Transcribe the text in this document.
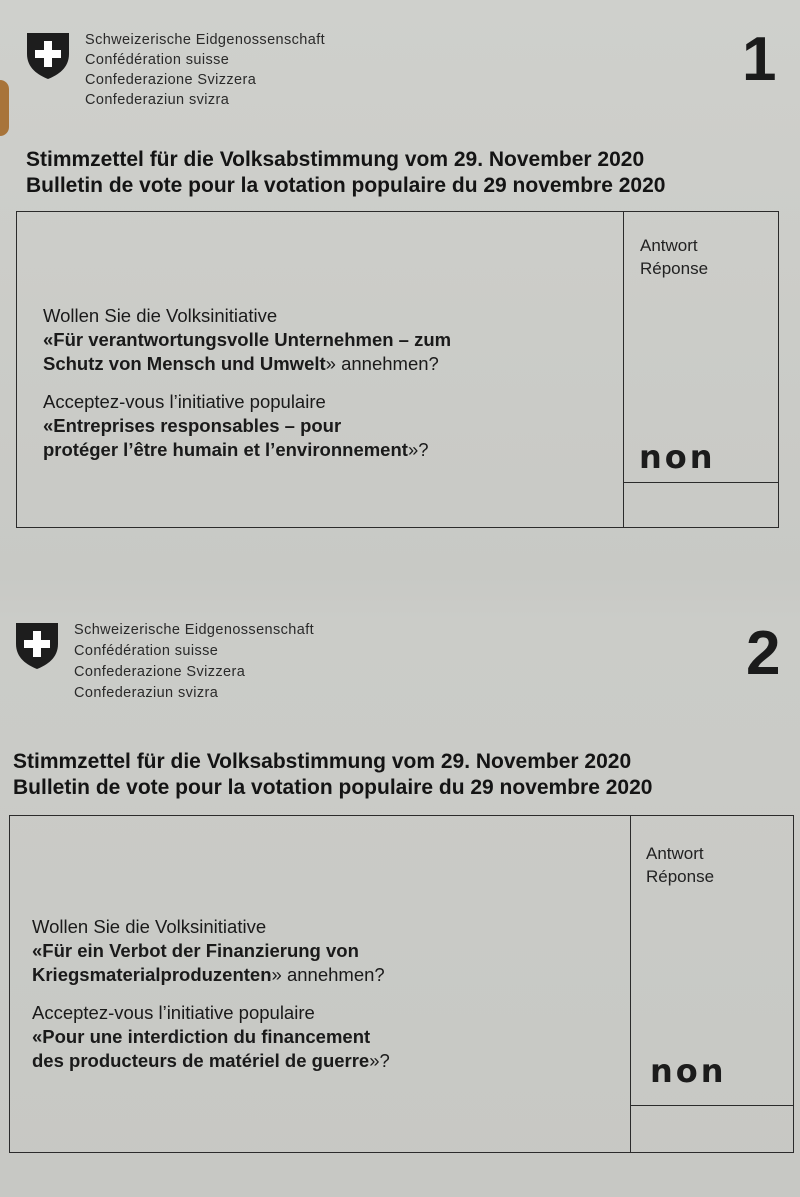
Schweizerische Eidgenossenschaft
Confédération suisse
Confederazione Svizzera
Confederaziun svizra
1
Stimmzettel für die Volksabstimmung vom 29. November 2020
Bulletin de vote pour la votation populaire du 29 novembre 2020
Wollen Sie die Volksinitiative
«Für verantwortungsvolle Unternehmen – zum
Schutz von Mensch und Umwelt» annehmen?
Acceptez-vous l’initiative populaire
«Entreprises responsables – pour
protéger l’être humain et l’environnement»?
Antwort
Réponse
non
Schweizerische Eidgenossenschaft
Confédération suisse
Confederazione Svizzera
Confederaziun svizra
2
Stimmzettel für die Volksabstimmung vom 29. November 2020
Bulletin de vote pour la votation populaire du 29 novembre 2020
Wollen Sie die Volksinitiative
«Für ein Verbot der Finanzierung von
Kriegsmaterialproduzenten» annehmen?
Acceptez-vous l’initiative populaire
«Pour une interdiction du financement
des producteurs de matériel de guerre»?
Antwort
Réponse
non
